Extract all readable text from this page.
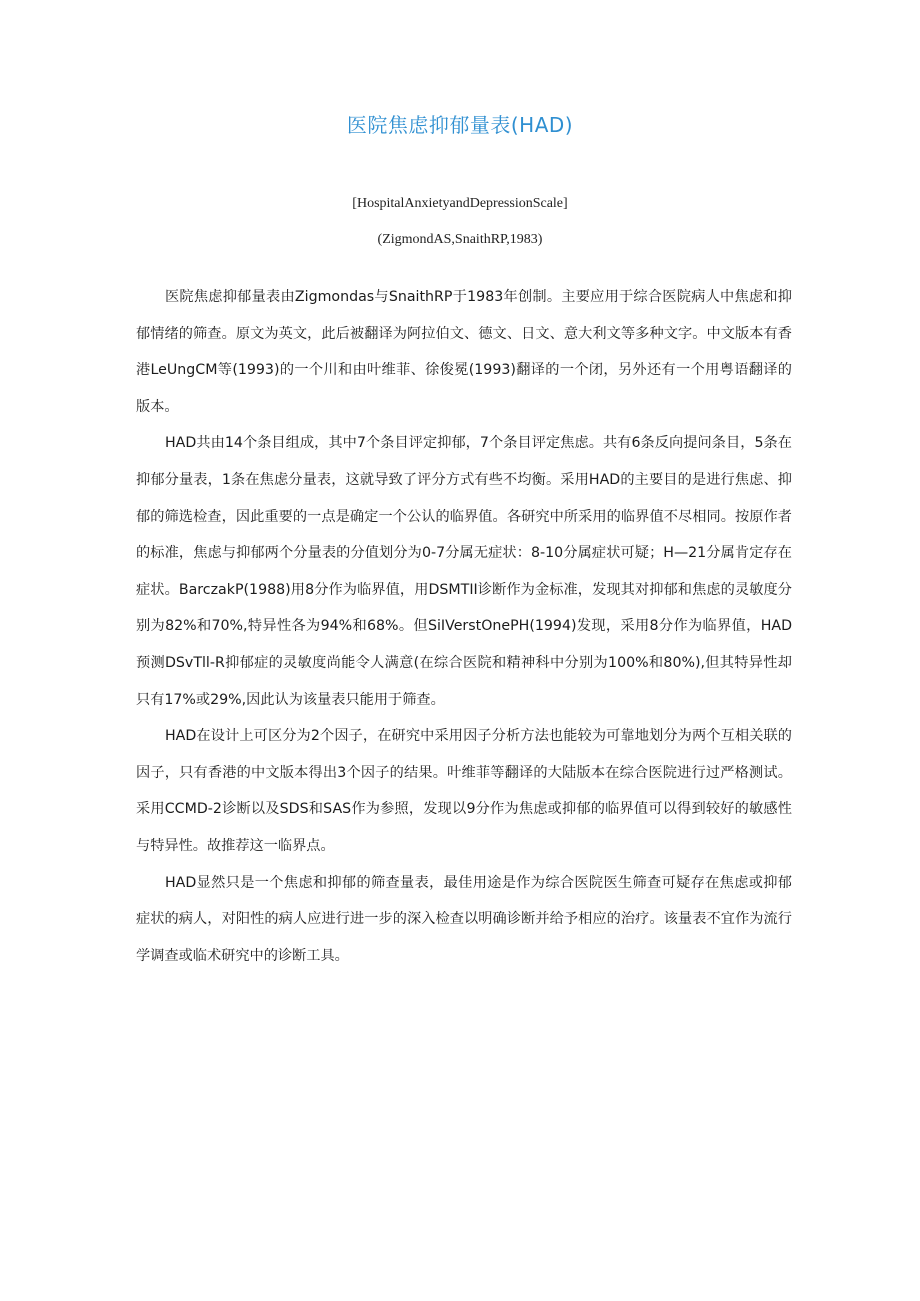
医院焦虑抑郁量表(HAD)
[HospitalAnxietyandDepressionScale]
(ZigmondAS,SnaithRP,1983)

医院焦虑抑郁量表由Zigmondas与SnaithRP于1983年创制。主要应用于综合医院病人中焦虑和抑郁情绪的筛查。原文为英文，此后被翻译为阿拉伯文、德文、日文、意大利文等多种文字。中文版本有香港LeUngCM等(1993)的一个川和由叶维菲、徐俊冕(1993)翻译的一个闭，另外还有一个用粤语翻译的版本。

HAD共由14个条目组成，其中7个条目评定抑郁，7个条目评定焦虑。共有6条反向提问条目，5条在抑郁分量表，1条在焦虑分量表，这就导致了评分方式有些不均衡。采用HAD的主要目的是进行焦虑、抑郁的筛选检查，因此重要的一点是确定一个公认的临界值。各研究中所采用的临界值不尽相同。按原作者的标准，焦虑与抑郁两个分量表的分值划分为0-7分属无症状：8-10分属症状可疑；H—21分属肯定存在症状。BarczakP(1988)用8分作为临界值，用DSMTII诊断作为金标准，发现其对抑郁和焦虑的灵敏度分别为82%和70%,特异性各为94%和68%。但SiIVerstOnePH(1994)发现，采用8分作为临界值，HAD预测DSvTll-R抑郁症的灵敏度尚能令人满意(在综合医院和精神科中分别为100%和80%),但其特异性却只有17%或29%,因此认为该量表只能用于筛查。

HAD在设计上可区分为2个因子，在研究中采用因子分析方法也能较为可靠地划分为两个互相关联的因子，只有香港的中文版本得出3个因子的结果。叶维菲等翻译的大陆版本在综合医院进行过严格测试。采用CCMD-2诊断以及SDS和SAS作为参照，发现以9分作为焦虑或抑郁的临界值可以得到较好的敏感性与特异性。故推荐这一临界点。

HAD显然只是一个焦虑和抑郁的筛查量表，最佳用途是作为综合医院医生筛查可疑存在焦虑或抑郁症状的病人，对阳性的病人应进行进一步的深入检查以明确诊断并给予相应的治疗。该量表不宜作为流行学调查或临术研究中的诊断工具。
